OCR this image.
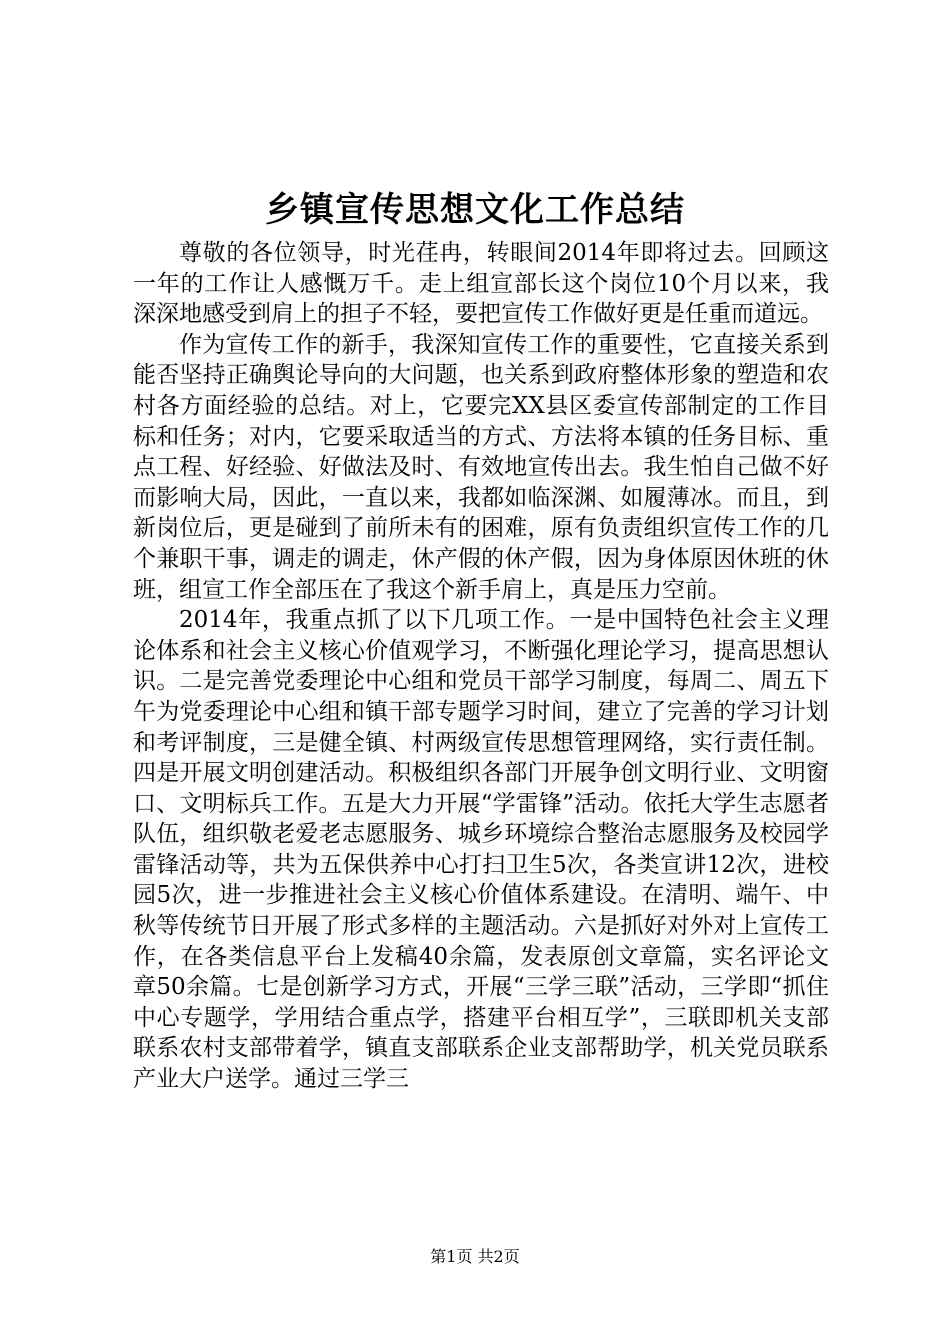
乡镇宣传思想文化工作总结

尊敬的各位领导，时光荏冉，转眼间2014年即将过去。回顾这一年的工作让人感慨万千。走上组宣部长这个岗位10个月以来，我深深地感受到肩上的担子不轻，要把宣传工作做好更是任重而道远。

作为宣传工作的新手，我深知宣传工作的重要性，它直接关系到能否坚持正确舆论导向的大问题，也关系到政府整体形象的塑造和农村各方面经验的总结。对上，它要完XX县区委宣传部制定的工作目标和任务；对内，它要采取适当的方式、方法将本镇的任务目标、重点工程、好经验、好做法及时、有效地宣传出去。我生怕自己做不好而影响大局，因此，一直以来，我都如临深渊、如履薄冰。而且，到新岗位后，更是碰到了前所未有的困难，原有负责组织宣传工作的几个兼职干事，调走的调走，休产假的休产假，因为身体原因休班的休班，组宣工作全部压在了我这个新手肩上，真是压力空前。

2014年，我重点抓了以下几项工作。一是中国特色社会主义理论体系和社会主义核心价值观学习，不断强化理论学习，提高思想认识。二是完善党委理论中心组和党员干部学习制度，每周二、周五下午为党委理论中心组和镇干部专题学习时间，建立了完善的学习计划和考评制度，三是健全镇、村两级宣传思想管理网络，实行责任制。四是开展文明创建活动。积极组织各部门开展争创文明行业、文明窗口、文明标兵工作。五是大力开展“学雷锋”活动。依托大学生志愿者队伍，组织敬老爱老志愿服务、城乡环境综合整治志愿服务及校园学雷锋活动等，共为五保供养中心打扫卫生5次，各类宣讲12次，进校园5次，进一步推进社会主义核心价值体系建设。在清明、端午、中秋等传统节日开展了形式多样的主题活动。六是抓好对外对上宣传工作，在各类信息平台上发稿40余篇，发表原创文章篇，实名评论文章50余篇。七是创新学习方式，开展“三学三联”活动，三学即“抓住中心专题学，学用结合重点学，搭建平台相互学”，三联即机关支部联系农村支部带着学，镇直支部联系企业支部帮助学，机关党员联系产业大户送学。通过三学三

第1页 共2页
